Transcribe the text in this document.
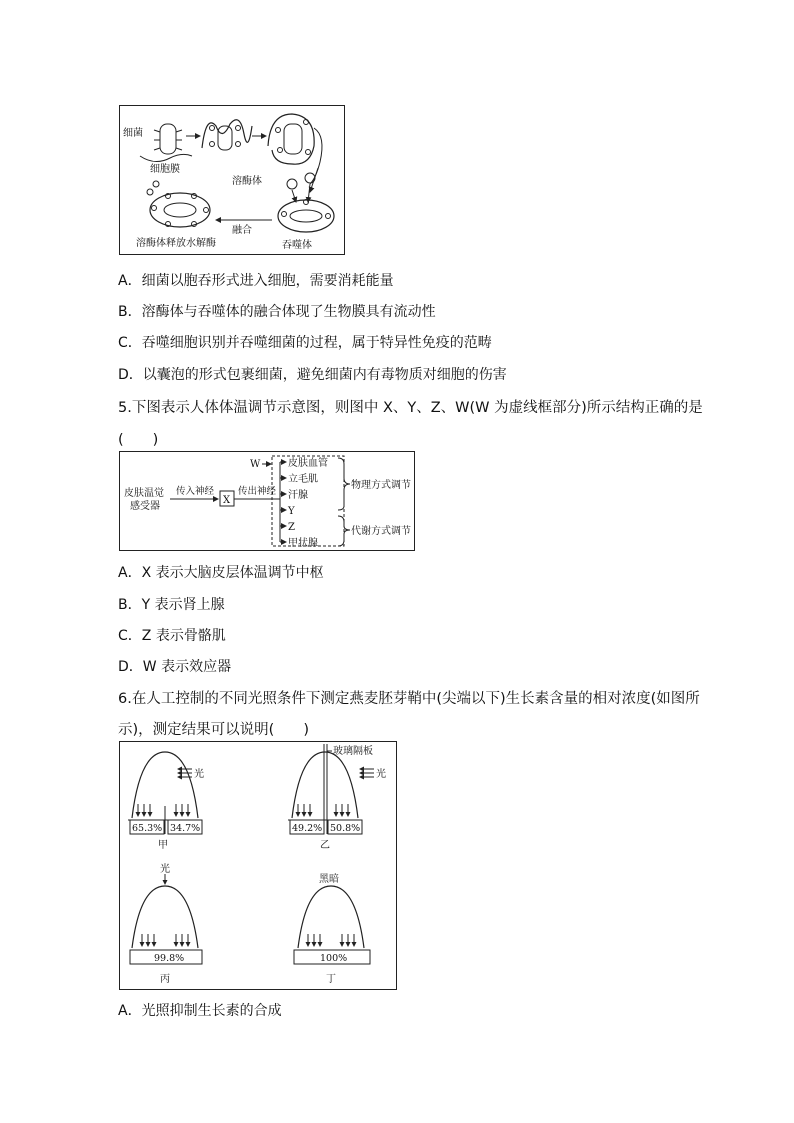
细菌
细胞膜
溶酶体
融合
吞噬体
溶酶体释放水解酶
A．细菌以胞吞形式进入细胞，需要消耗能量
B．溶酶体与吞噬体的融合体现了生物膜具有流动性
C．吞噬细胞识别并吞噬细菌的过程，属于特异性免疫的范畴
D．以囊泡的形式包裹细菌，避免细菌内有毒物质对细胞的伤害
5.下图表示人体体温调节示意图，则图中 X、Y、Z、W(W 为虚线框部分)所示结构正确的是
(　　)
皮肤温觉
感受器
传入神经
X
传出神经
W	皮肤血管
立毛肌
汗腺
Y
Z
甲状腺
物理方式调节
代谢方式调节
A．X 表示大脑皮层体温调节中枢
B．Y 表示肾上腺
C．Z 表示骨骼肌
D．W 表示效应器
6.在人工控制的不同光照条件下测定燕麦胚芽鞘中(尖端以下)生长素含量的相对浓度(如图所
示)，测定结果可以说明(　　)
光
65.3% 34.7%
甲
玻璃隔板
光
49.2% 50.8%
乙
光
99.8%
丙
黑暗
100%
丁
A．光照抑制生长素的合成
